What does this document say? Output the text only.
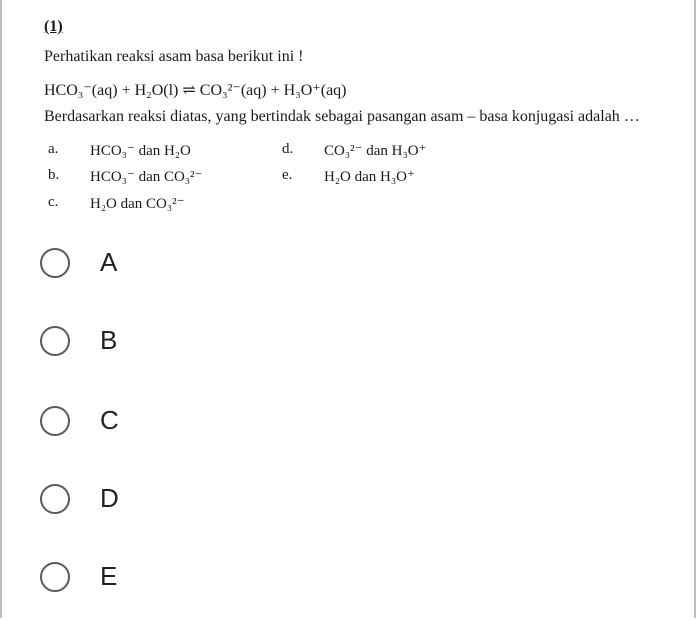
(1)
Perhatikan reaksi asam basa berikut ini !
HCO₃⁻(aq) + H₂O(l) ⇌ CO₃²⁻(aq) + H₃O⁺(aq)
Berdasarkan reaksi diatas, yang bertindak sebagai pasangan asam – basa konjugasi adalah …
a.	HCO₃⁻ dan H₂O
b.	HCO₃⁻ dan CO₃²⁻
c.	H₂O dan CO₃²⁻
d.	CO₃²⁻ dan H₃O⁺
e.	H₂O dan H₃O⁺
A
B
C
D
E
